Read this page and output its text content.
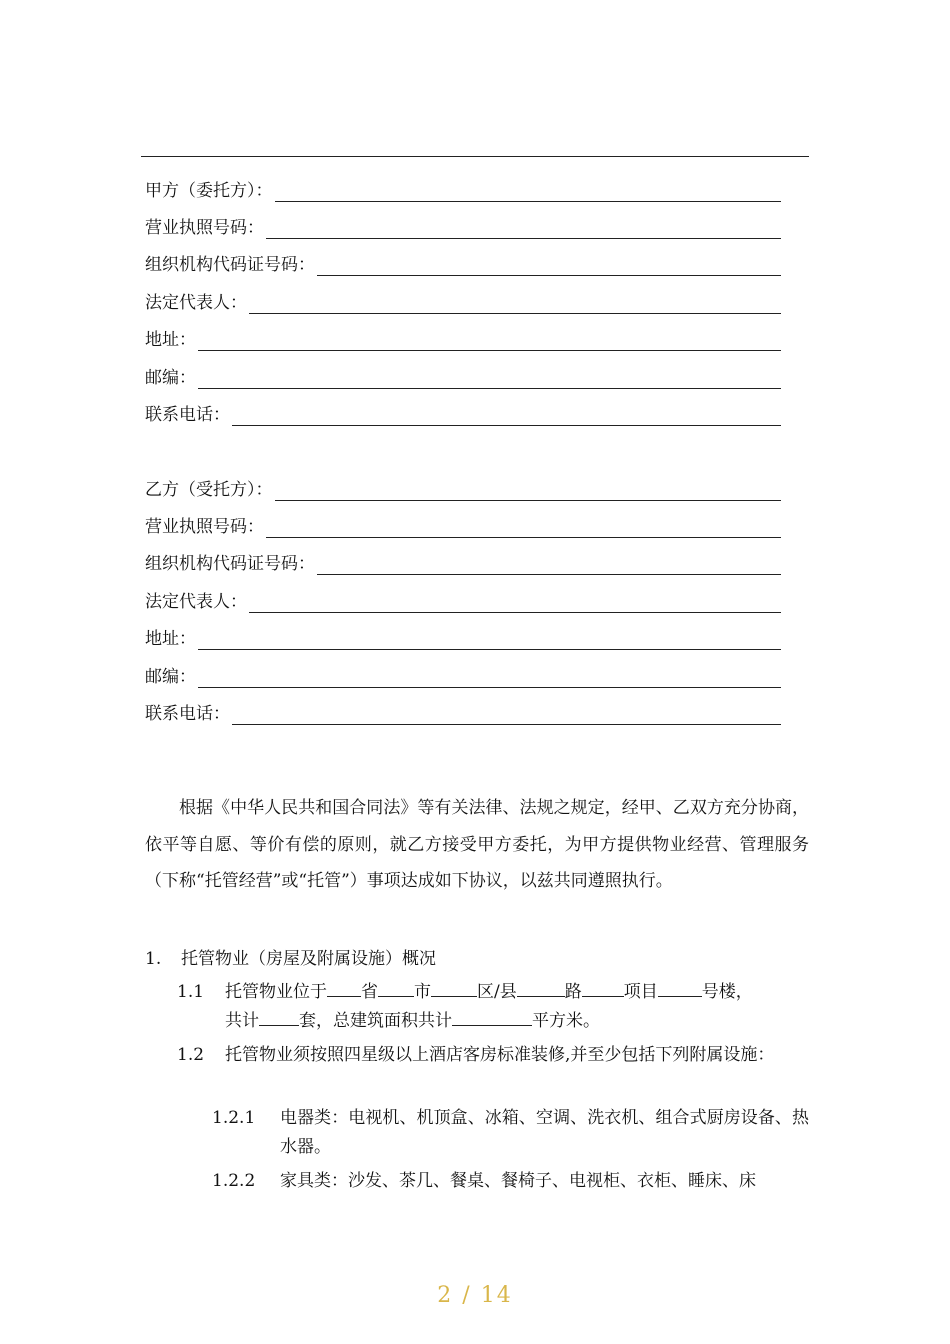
甲方（委托方）：
营业执照号码：
组织机构代码证号码：
法定代表人：
地址：
邮编：
联系电话：
乙方（受托方）：
营业执照号码：
组织机构代码证号码：
法定代表人：
地址：
邮编：
联系电话：
根据《中华人民共和国合同法》等有关法律、法规之规定，经甲、乙双方充分协商，依平等自愿、等价有偿的原则，就乙方接受甲方委托，为甲方提供物业经营、管理服务（下称“托管经营”或“托管”）事项达成如下协议，以兹共同遵照执行。
1. 托管物业（房屋及附属设施）概况
1.1 托管物业位于 省 市	区/县	路 项目	号楼，
共计 套，总建筑面积共计	平方米。
1.2 托管物业须按照四星级以上酒店客房标准装修,并至少包括下列附属设施：
1.2.1 电器类：电视机、机顶盒、冰箱、空调、洗衣机、组合式厨房设备、热水器。
1.2.2 家具类：沙发、茶几、餐桌、餐椅子、电视柜、衣柜、睡床、床
2 / 14
